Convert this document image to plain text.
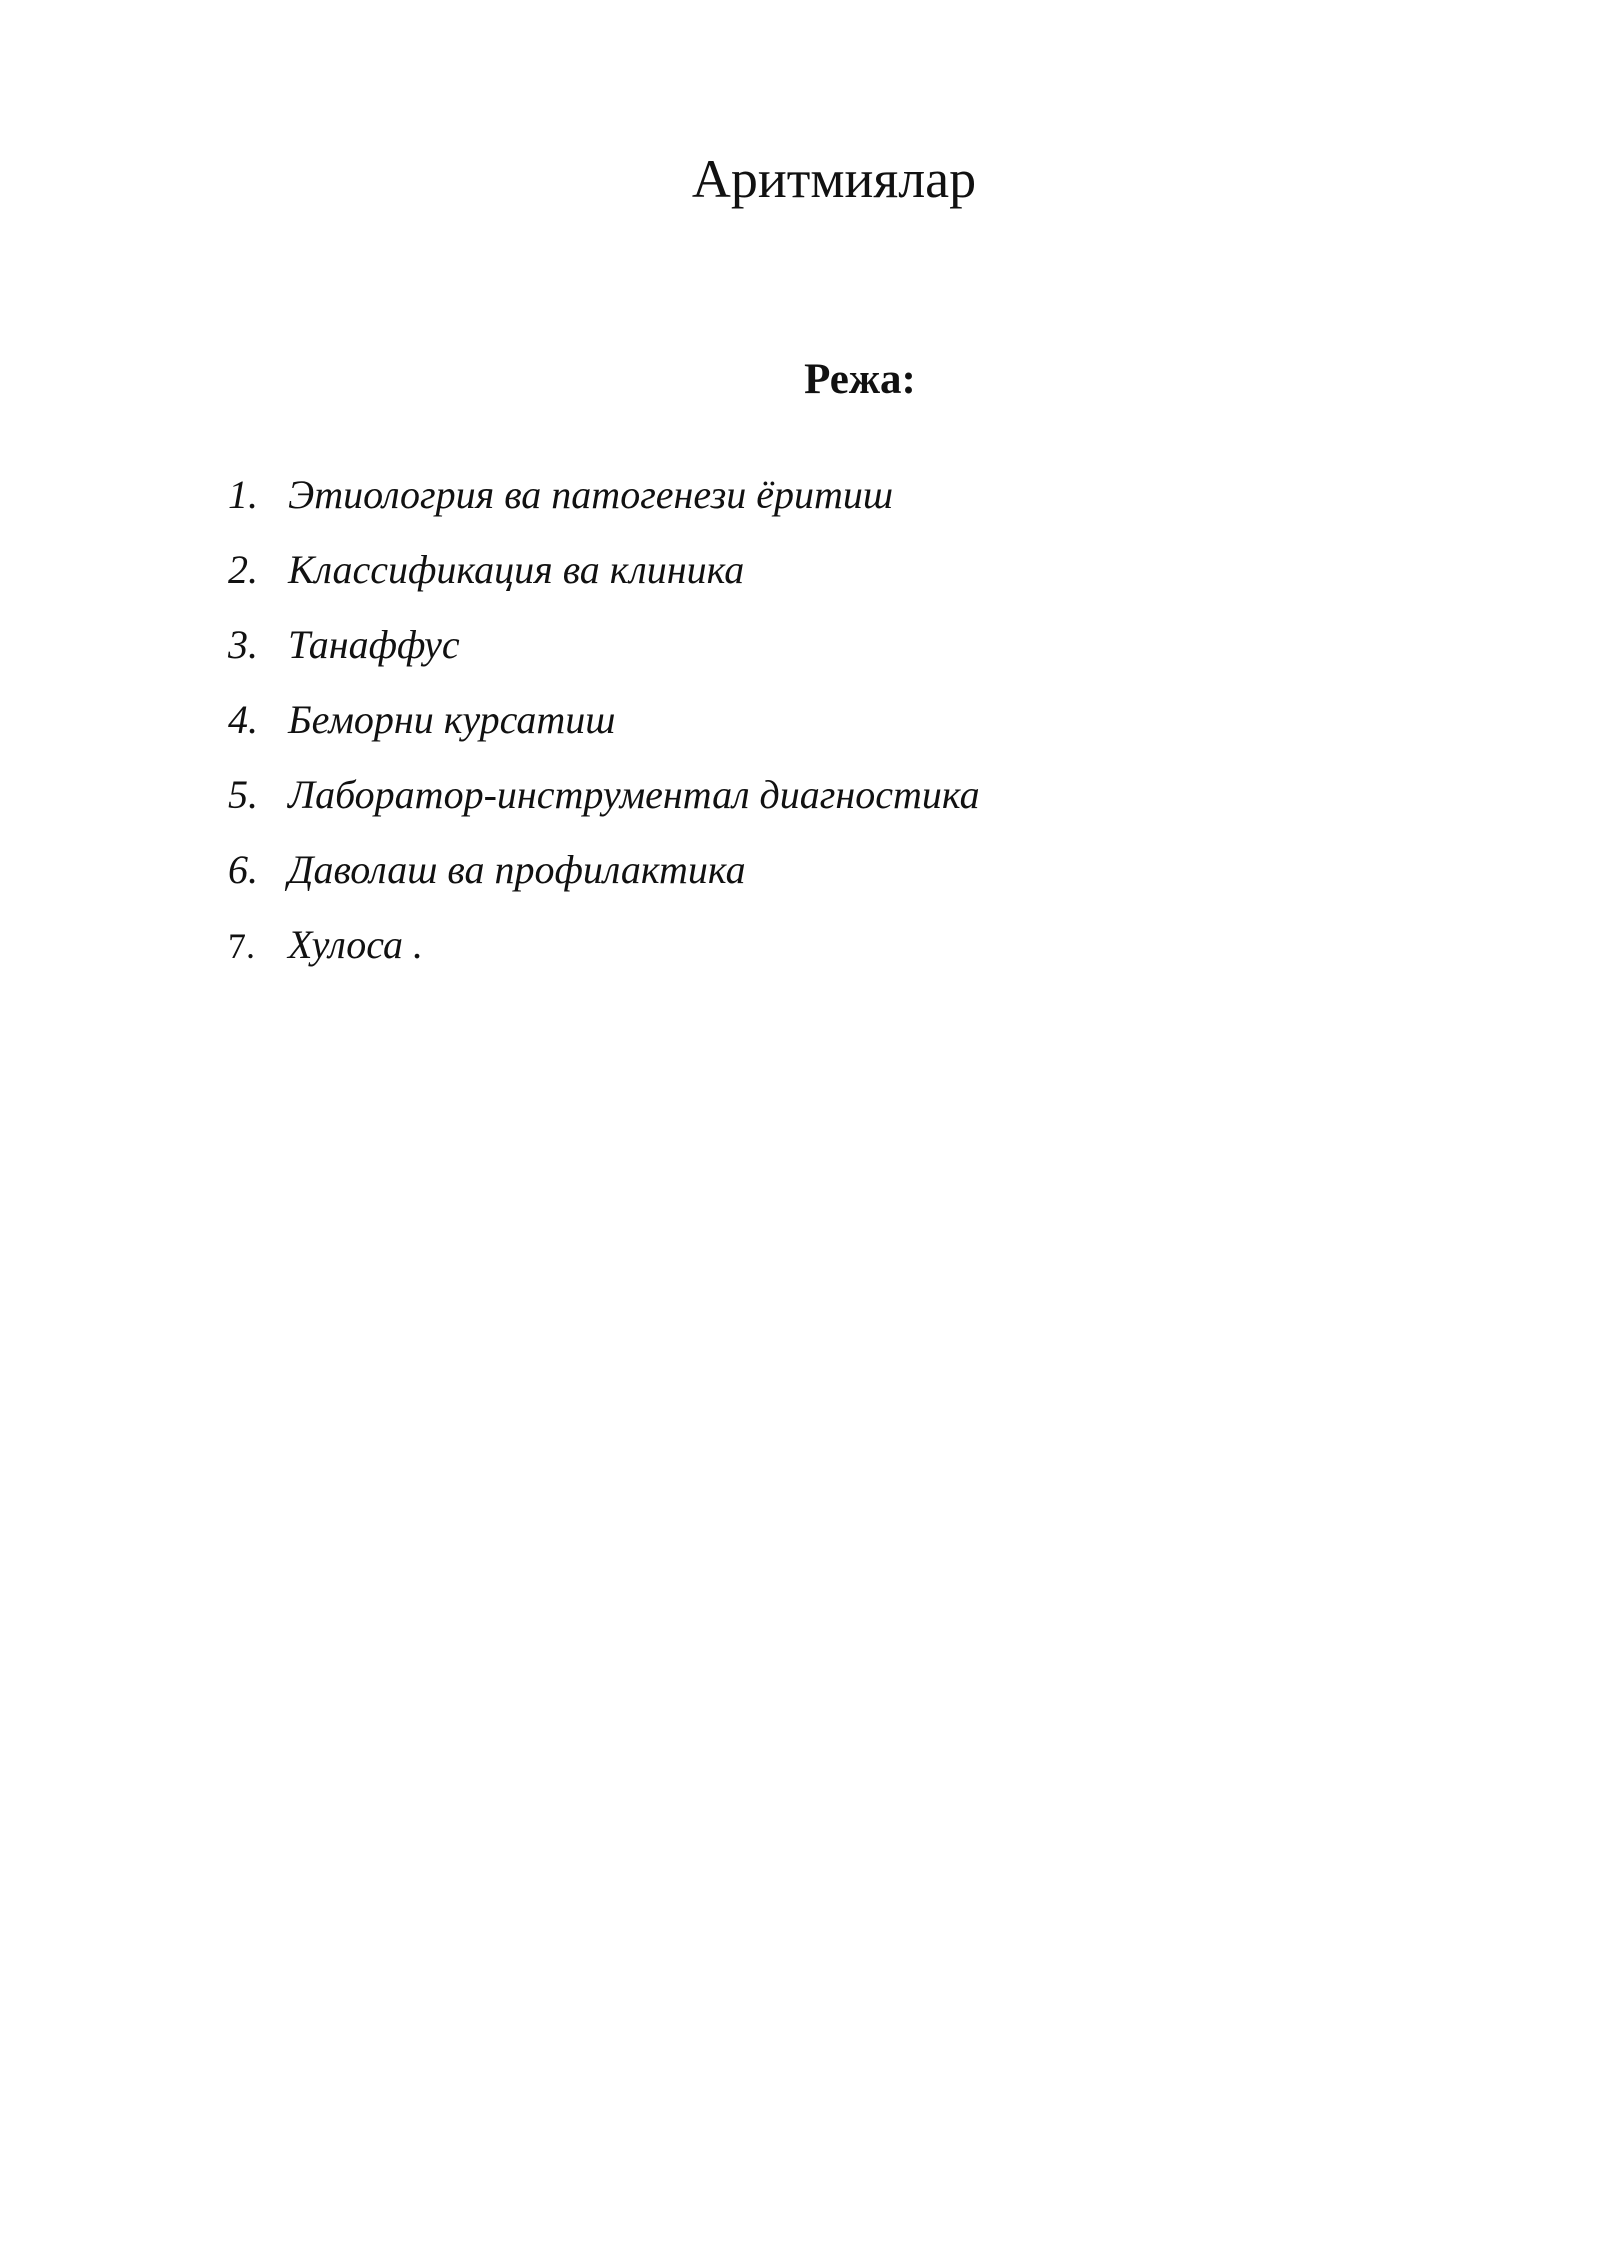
Аритмиялар
Режа:
1. Этиологрия ва патогенези ёритиш
2. Классификация ва клиника
3. Танаффус
4. Беморни курсатиш
5. Лаборатор-инструментал диагностика
6. Даволаш ва профилактика
7. Хулоса .
